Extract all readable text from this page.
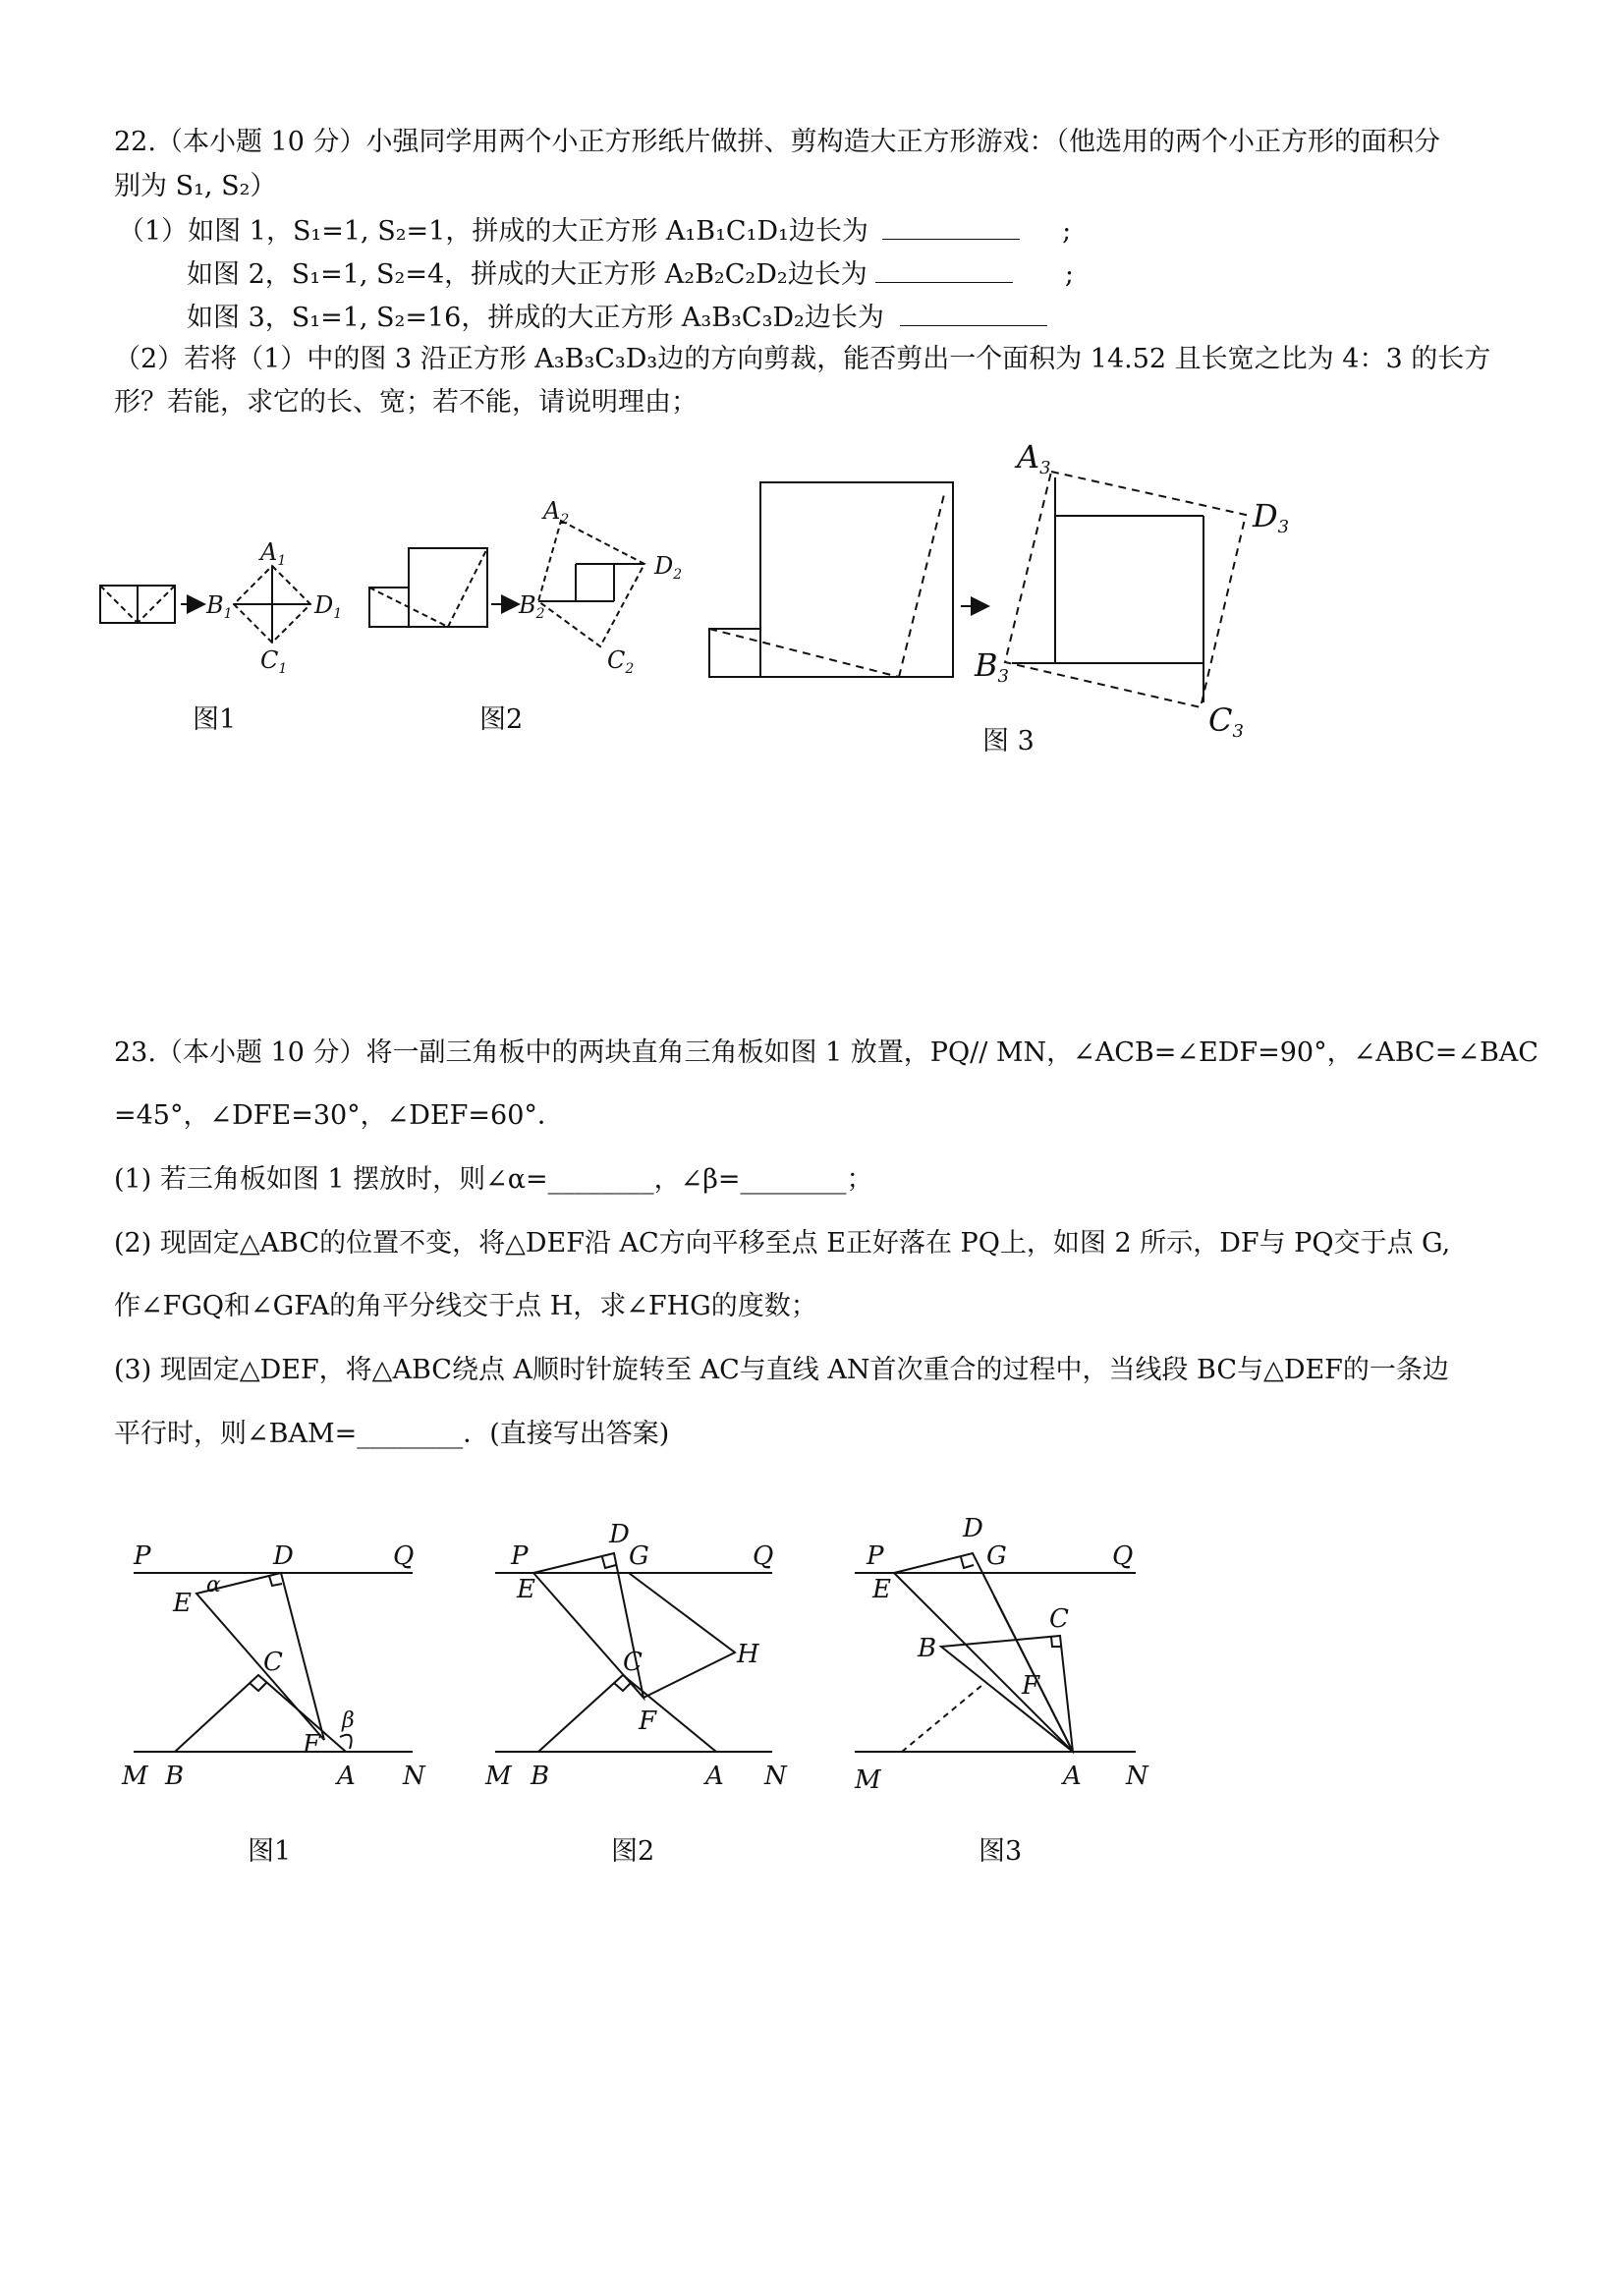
22.（本小题 10 分）小强同学用两个小正方形纸片做拼、剪构造大正方形游戏：（他选用的两个小正方形的面积分
别为 S₁, S₂）
（1）如图 1，S₁=1, S₂=1，拼成的大正方形 A₁B₁C₁D₁边长为	;
如图 2，S₁=1, S₂=4，拼成的大正方形 A₂B₂C₂D₂边长为	;
如图 3，S₁=1, S₂=16，拼成的大正方形 A₃B₃C₃D₂边长为
（2）若将（1）中的图 3 沿正方形 A₃B₃C₃D₃边的方向剪裁，能否剪出一个面积为 14.52 且长宽之比为 4：3 的长方
形？若能，求它的长、宽；若不能，请说明理由；
$A_1$
$B_1$	$D_1$
$C_1$
$A_2$
$B_2$
$D_2$
$C_2$
A3
D3
B3
C3
图1	图2
图 3
23.（本小题 10 分）将一副三角板中的两块直角三角板如图 1 放置，PQ// MN，∠ACB=∠EDF=90°，∠ABC=∠BAC
=45°，∠DFE=30°，∠DEF=60°．
(1) 若三角板如图 1 摆放时，则∠α=________，∠β=________；
(2) 现固定△ABC的位置不变，将△DEF沿 AC方向平移至点 E正好落在 PQ上，如图 2 所示，DF与 PQ交于点 G,
作∠FGQ和∠GFA的角平分线交于点 H，求∠FHG的度数；
(3) 现固定△DEF，将△ABC绕点 A顺时针旋转至 AC与直线 AN首次重合的过程中，当线段 BC与△DEF的一条边
平行时，则∠BAM=________．(直接写出答案)
P	D	Q
α
E
C
β
F
M B	A N
P
D
G	Q
E
C	H
F
M B	A N
P
D
G	Q
E
C
B
F
M	A N
图1	图2	图3
